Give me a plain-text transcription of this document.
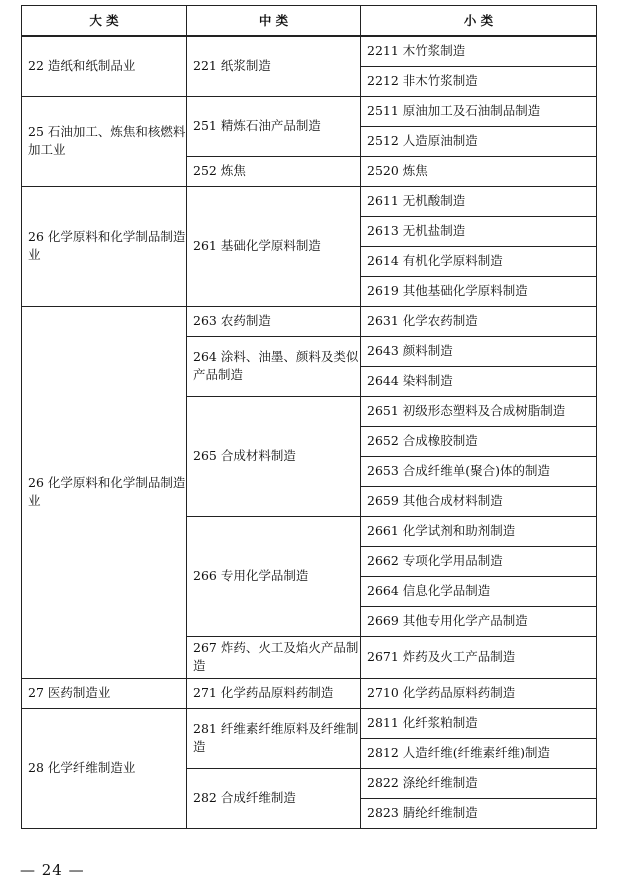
大 类	中 类	小 类
22 造纸和纸制品业	221 纸浆制造	2211 木竹浆制造
		2212 非木竹浆制造
25 石油加工、炼焦和核燃料加工业	251 精炼石油产品制造	2511 原油加工及石油制品制造
		2512 人造原油制造
	252 炼焦	2520 炼焦
26 化学原料和化学制品制造业	261 基础化学原料制造	2611 无机酸制造
		2613 无机盐制造
		2614 有机化学原料制造
		2619 其他基础化学原料制造
26 化学原料和化学制品制造业	263 农药制造	2631 化学农药制造
	264 涂料、油墨、颜料及类似产品制造	2643 颜料制造
		2644 染料制造
	265 合成材料制造	2651 初级形态塑料及合成树脂制造
		2652 合成橡胶制造
		2653 合成纤维单(聚合)体的制造
		2659 其他合成材料制造
	266 专用化学品制造	2661 化学试剂和助剂制造
		2662 专项化学用品制造
		2664 信息化学品制造
		2669 其他专用化学产品制造
	267 炸药、火工及焰火产品制造	2671 炸药及火工产品制造
27 医药制造业	271 化学药品原料药制造	2710 化学药品原料药制造
28 化学纤维制造业	281 纤维素纤维原料及纤维制造	2811 化纤浆粕制造
		2812 人造纤维(纤维素纤维)制造
	282 合成纤维制造	2822 涤纶纤维制造
		2823 腈纶纤维制造
— 24 —
